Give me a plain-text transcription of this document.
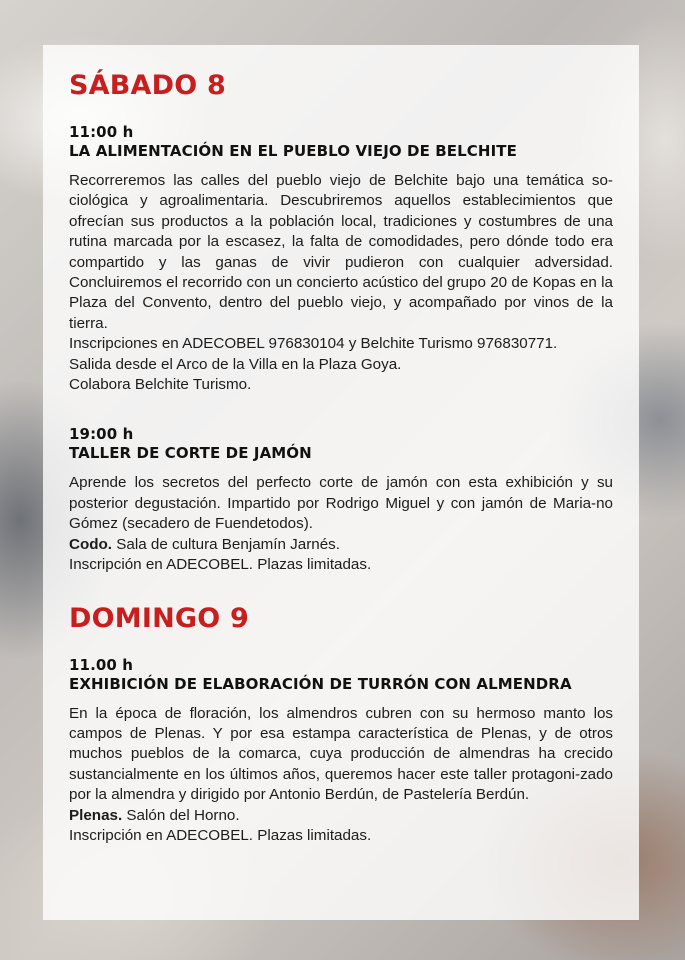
SÁBADO 8
11:00 h
LA ALIMENTACIÓN EN EL PUEBLO VIEJO DE BELCHITE

Recorreremos las calles del pueblo viejo de Belchite bajo una temática so-ciológica y agroalimentaria. Descubriremos aquellos establecimientos que ofrecían sus productos a la población local, tradiciones y costumbres de una rutina marcada por la escasez, la falta de comodidades, pero dónde todo era compartido y las ganas de vivir pudieron con cualquier adversidad. Concluiremos el recorrido con un concierto acústico del grupo 20 de Kopas en la Plaza del Convento, dentro del pueblo viejo, y acompañado por vinos de la tierra.

Inscripciones en ADECOBEL 976830104 y Belchite Turismo 976830771.

Salida desde el Arco de la Villa en la Plaza Goya.

Colabora Belchite Turismo.

19:00 h
TALLER DE CORTE DE JAMÓN

Aprende los secretos del perfecto corte de jamón con esta exhibición y su posterior degustación. Impartido por Rodrigo Miguel y con jamón de Maria-no Gómez (secadero de Fuendetodos).

Codo. Sala de cultura Benjamín Jarnés.

Inscripción en ADECOBEL. Plazas limitadas.

DOMINGO 9
11.00 h
EXHIBICIÓN DE ELABORACIÓN DE TURRÓN CON ALMENDRA

En la época de floración, los almendros cubren con su hermoso manto los campos de Plenas. Y por esa estampa característica de Plenas, y de otros muchos pueblos de la comarca, cuya producción de almendras ha crecido sustancialmente en los últimos años, queremos hacer este taller protagoni-zado por la almendra y dirigido por Antonio Berdún, de Pastelería Berdún.

Plenas. Salón del Horno.

Inscripción en ADECOBEL. Plazas limitadas.
